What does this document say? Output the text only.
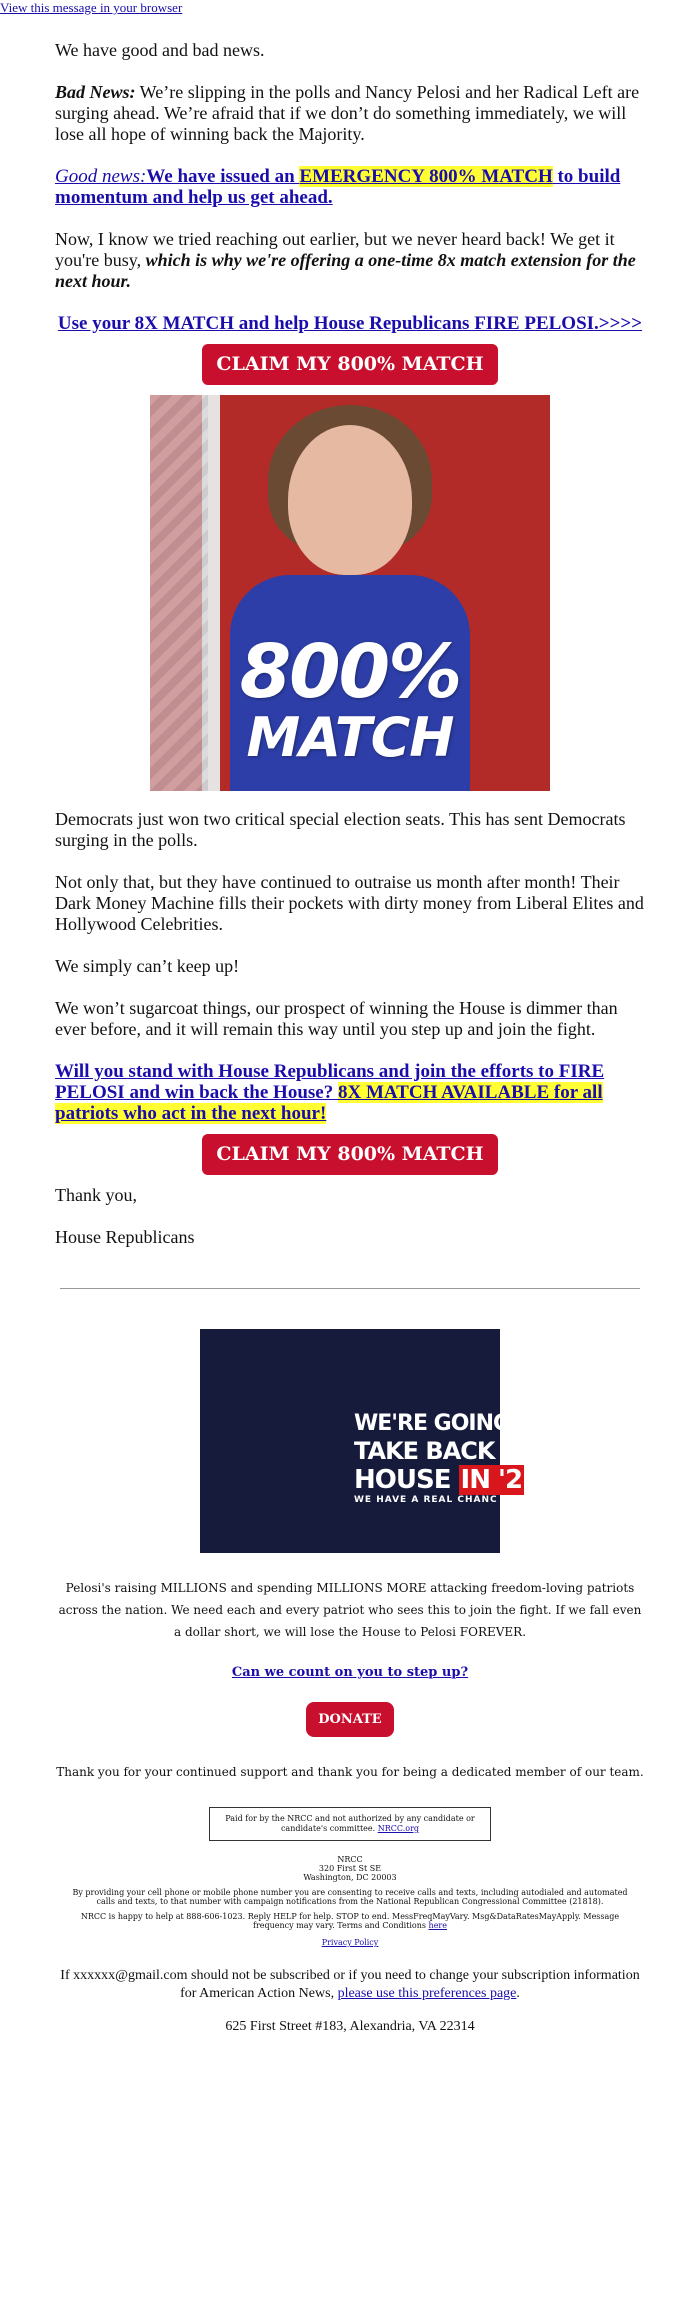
View this message in your browser

We have good and bad news.

Bad News: We’re slipping in the polls and Nancy Pelosi and her Radical Left are surging ahead. We’re afraid that if we don’t do something immediately, we will lose all hope of winning back the Majority.

Good news:We have issued an EMERGENCY 800% MATCH to build momentum and help us get ahead.

Now, I know we tried reaching out earlier, but we never heard back! We get it you're busy, which is why we're offering a one-time 8x match extension for the next hour.

Use your 8X MATCH and help House Republicans FIRE PELOSI.>>>>

CLAIM MY 800% MATCH
800%
MATCH

Democrats just won two critical special election seats. This has sent Democrats surging in the polls.

Not only that, but they have continued to outraise us month after month! Their Dark Money Machine fills their pockets with dirty money from Liberal Elites and Hollywood Celebrities.

We simply can’t keep up!

We won’t sugarcoat things, our prospect of winning the House is dimmer than ever before, and it will remain this way until you step up and join the fight.

Will you stand with House Republicans and join the efforts to FIRE PELOSI and win back the House? 8X MATCH AVAILABLE for all patriots who act in the next hour!

CLAIM MY 800% MATCH

Thank you,

House Republicans

WE'RE GOING T
TAKE BACK TH
HOUSE IN '2
WE HAVE A REAL CHANC

Pelosi's raising MILLIONS and spending MILLIONS MORE attacking freedom-loving patriots across the nation. We need each and every patriot who sees this to join the fight. If we fall even a dollar short, we will lose the House to Pelosi FOREVER.

Can we count on you to step up?

DONATE

Thank you for your continued support and thank you for being a dedicated member of our team.

Paid for by the NRCC and not authorized by any candidate or candidate's committee. NRCC.org

NRCC
320 First St SE
Washington, DC 20003

By providing your cell phone or mobile phone number you are consenting to receive calls and texts, including autodialed and automated calls and texts, to that number with campaign notifications from the National Republican Congressional Committee (21818).

NRCC is happy to help at 888-606-1023. Reply HELP for help. STOP to end. MessFreqMayVary. Msg&DataRatesMayApply. Message frequency may vary. Terms and Conditions here

Privacy Policy

If xxxxxx@gmail.com should not be subscribed or if you need to change your subscription information for American Action News, please use this preferences page.

625 First Street #183, Alexandria, VA 22314
